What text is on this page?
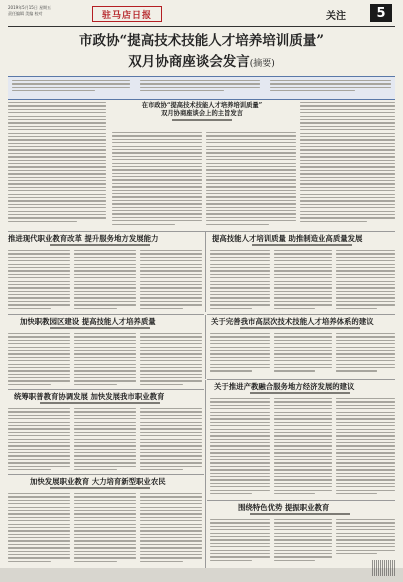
2019年5月15日 星期五
责任编辑 美编 校对	驻马店日报	关注	5
市政协“提高技术技能人才培养培训质量”
双月协商座谈会发言(摘要)
在市政协“提高技术技能人才培养培训质量”
双月协商座谈会上的主旨发言
推进现代职业教育改革 提升服务地方发展能力	提高技能人才培训质量 助推制造业高质量发展
加快职教园区建设 提高技能人才培养质量	关于完善我市高层次技术技能人才培养体系的建议
关于推进产教融合服务地方经济发展的建议
统筹职普教育协调发展 加快发展我市职业教育
加快发展职业教育 大力培育新型职业农民
围绕特色优势 提振职业教育
